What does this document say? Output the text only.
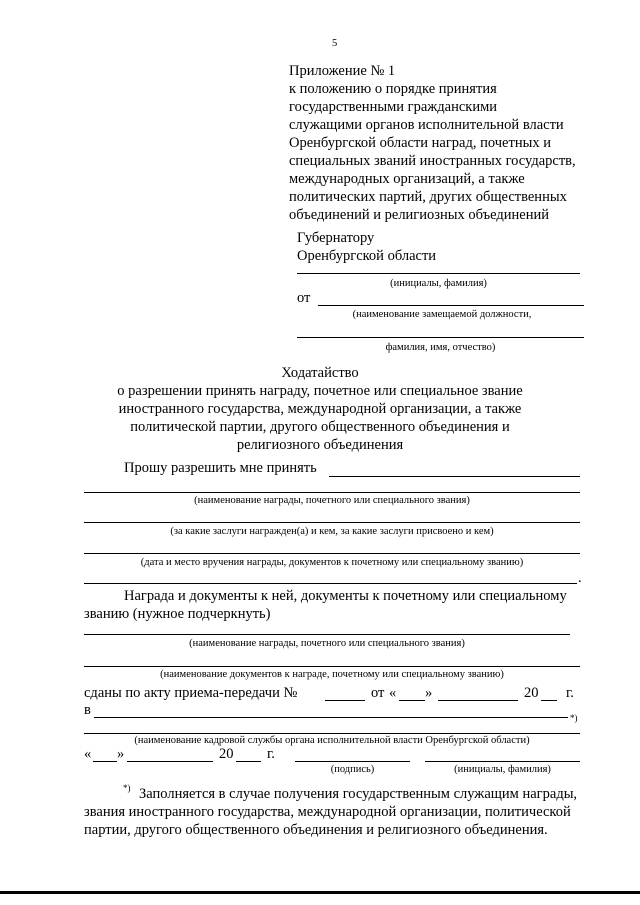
5
Приложение № 1
к положению о порядке принятия
государственными гражданскими
служащими органов исполнительной власти
Оренбургской области наград, почетных и
специальных званий иностранных государств,
международных организаций, а также
политических партий, других общественных
объединений и религиозных объединений
Губернатору
Оренбургской области
(инициалы, фамилия)
от
(наименование замещаемой должности,
фамилия, имя, отчество)
Ходатайство
о разрешении принять награду, почетное или специальное звание
иностранного государства, международной организации, а также
политической партии, другого общественного объединения и
религиозного объединения
Прошу разрешить мне принять
(наименование награды, почетного или специального звания)
(за какие заслуги награжден(а) и кем, за какие заслуги присвоено и кем)
(дата и место вручения награды, документов к почетному или специальному званию)
.
Награда и документы к ней, документы к почетному или специальному
званию (нужное подчеркнуть)
(наименование награды, почетного или специального звания)
(наименование документов к награде, почетному или специальному званию)
сданы по акту приема-передачи №	от « »	20 г.
в	*)
(наименование кадровой службы органа исполнительной власти Оренбургской области)
« »	20 г.
(подпись)	(инициалы, фамилия)
*) Заполняется в случае получения государственным служащим награды,
звания иностранного государства, международной организации, политической
партии, другого общественного объединения и религиозного объединения.
